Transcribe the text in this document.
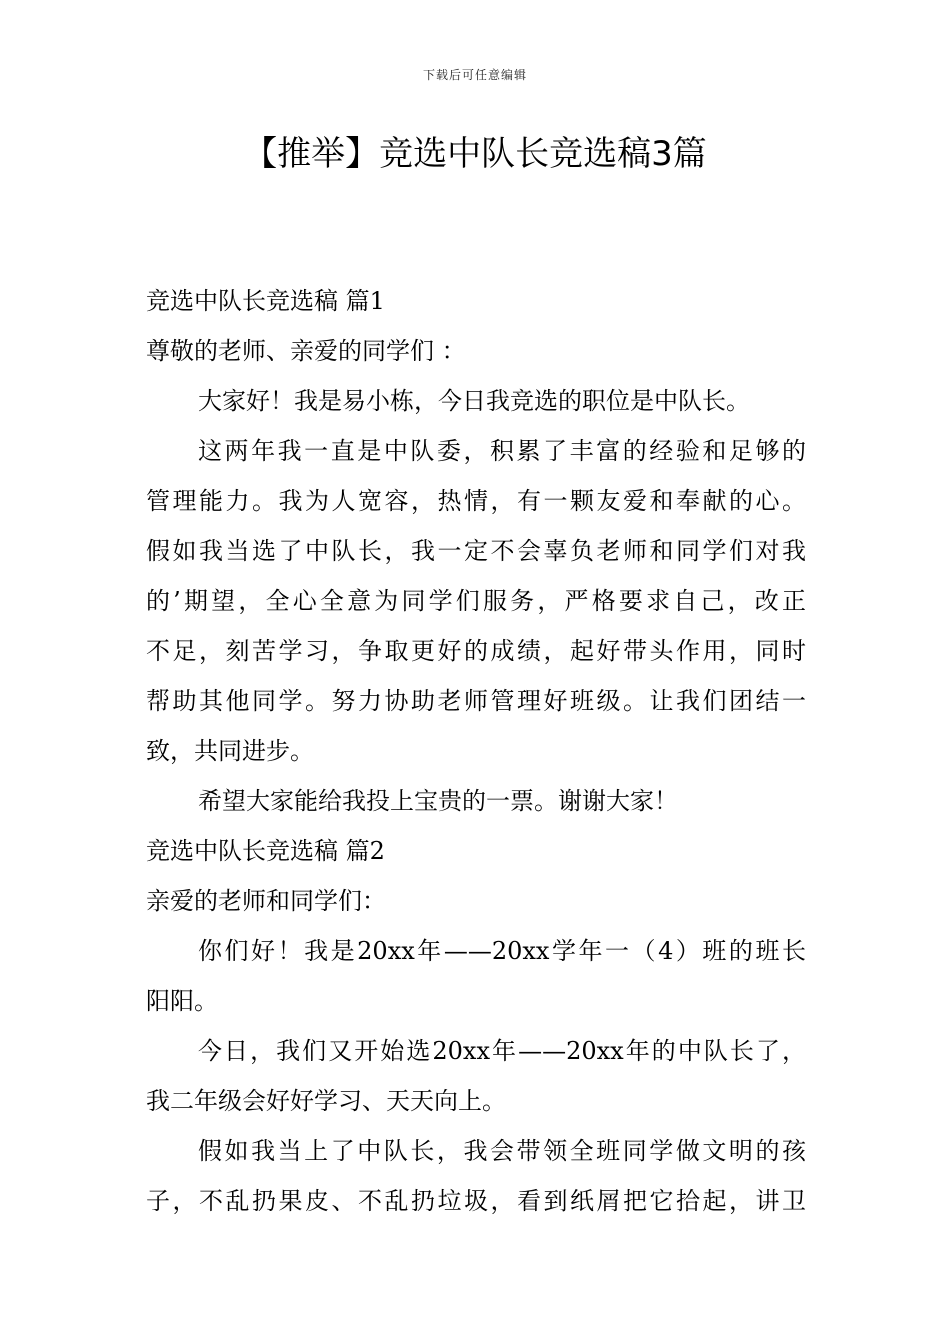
下载后可任意编辑
【推举】竞选中队长竞选稿3篇
竞选中队长竞选稿 篇1
尊敬的老师、亲爱的同学们 ：
大家好！我是易小栋，今日我竞选的职位是中队长。
这两年我一直是中队委，积累了丰富的经验和足够的
管理能力。我为人宽容，热情，有一颗友爱和奉献的心。
假如我当选了中队长，我一定不会辜负老师和同学们对我
的’期望，全心全意为同学们服务，严格要求自己，改正
不足，刻苦学习，争取更好的成绩，起好带头作用，同时
帮助其他同学。努力协助老师管理好班级。让我们团结一
致，共同进步。
希望大家能给我投上宝贵的一票。谢谢大家！
竞选中队长竞选稿 篇2
亲爱的老师和同学们：
你们好！我是20xx年——20xx学年一（4）班的班长
阳阳。
今日，我们又开始选20xx年——20xx年的中队长了，
我二年级会好好学习、天天向上。
假如我当上了中队长，我会带领全班同学做文明的孩
子，不乱扔果皮、不乱扔垃圾，看到纸屑把它拾起，讲卫
